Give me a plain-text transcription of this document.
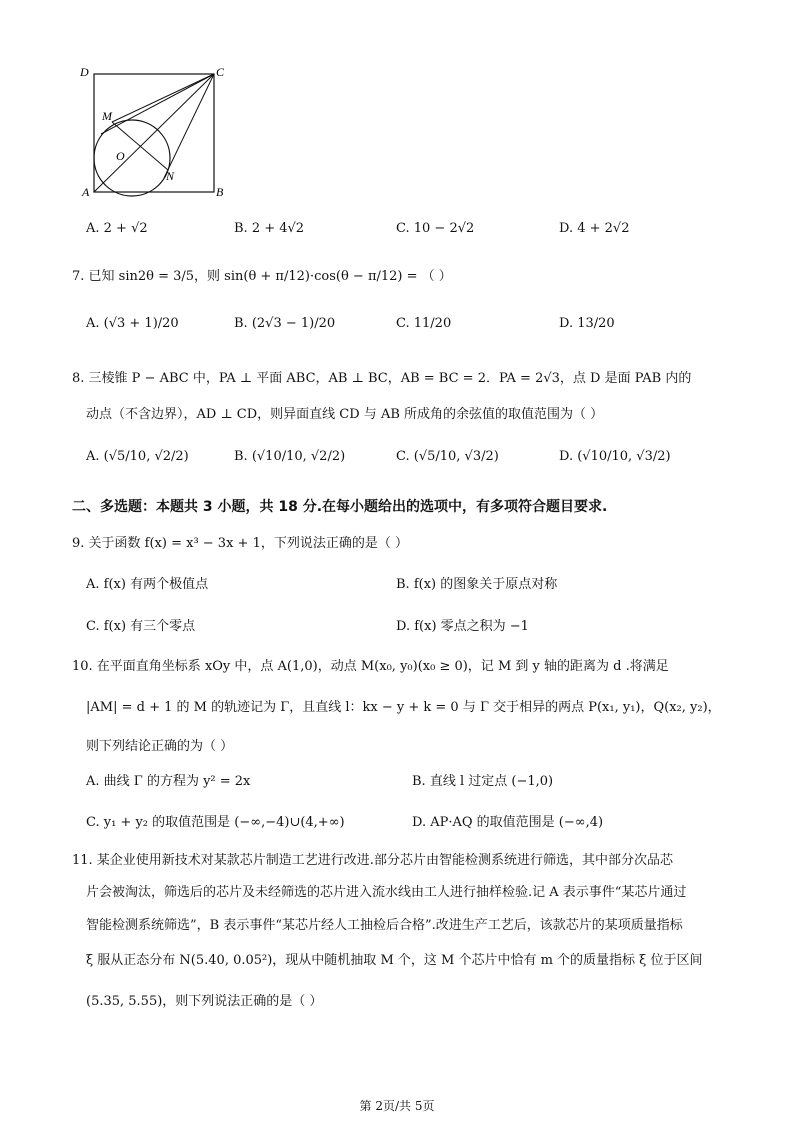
D	C
A	B
M
O
N
A. 2 + √2	B. 2 + 4√2	C. 10 − 2√2	D. 4 + 2√2
7. 已知 sin2θ = 3/5，则 sin(θ + π/12)·cos(θ − π/12) = （ ）
A. (√3 + 1)/20	B. (2√3 − 1)/20	C. 11/20	D. 13/20
8. 三棱锥 P − ABC 中，PA ⊥ 平面 ABC，AB ⊥ BC，AB = BC = 2．PA = 2√3，点 D 是面 PAB 内的
动点（不含边界），AD ⊥ CD，则异面直线 CD 与 AB 所成角的余弦值的取值范围为（ ）
A. (√5/10, √2/2)	B. (√10/10, √2/2)	C. (√5/10, √3/2)	D. (√10/10, √3/2)
二、多选题：本题共 3 小题，共 18 分.在每小题给出的选项中，有多项符合题目要求.
9. 关于函数 f(x) = x³ − 3x + 1，下列说法正确的是（ ）
A. f(x) 有两个极值点	B. f(x) 的图象关于原点对称
C. f(x) 有三个零点	D. f(x) 零点之积为 −1
10. 在平面直角坐标系 xOy 中，点 A(1,0)，动点 M(x₀, y₀)(x₀ ≥ 0)，记 M 到 y 轴的距离为 d .将满足
|AM| = d + 1 的 M 的轨迹记为 Γ，且直线 l：kx − y + k = 0 与 Γ 交于相异的两点 P(x₁, y₁)，Q(x₂, y₂)，
则下列结论正确的为（ ）
A. 曲线 Γ 的方程为 y² = 2x	B. 直线 l 过定点 (−1,0)
C. y₁ + y₂ 的取值范围是 (−∞,−4)∪(4,+∞)	D. AP·AQ 的取值范围是 (−∞,4)
11. 某企业使用新技术对某款芯片制造工艺进行改进.部分芯片由智能检测系统进行筛选，其中部分次品芯
片会被淘汰，筛选后的芯片及未经筛选的芯片进入流水线由工人进行抽样检验.记 A 表示事件“某芯片通过
智能检测系统筛选”，B 表示事件“某芯片经人工抽检后合格”.改进生产工艺后，该款芯片的某项质量指标
ξ 服从正态分布 N(5.40, 0.05²)，现从中随机抽取 M 个，这 M 个芯片中恰有 m 个的质量指标 ξ 位于区间
(5.35, 5.55)，则下列说法正确的是（ ）
第 2页/共 5页
